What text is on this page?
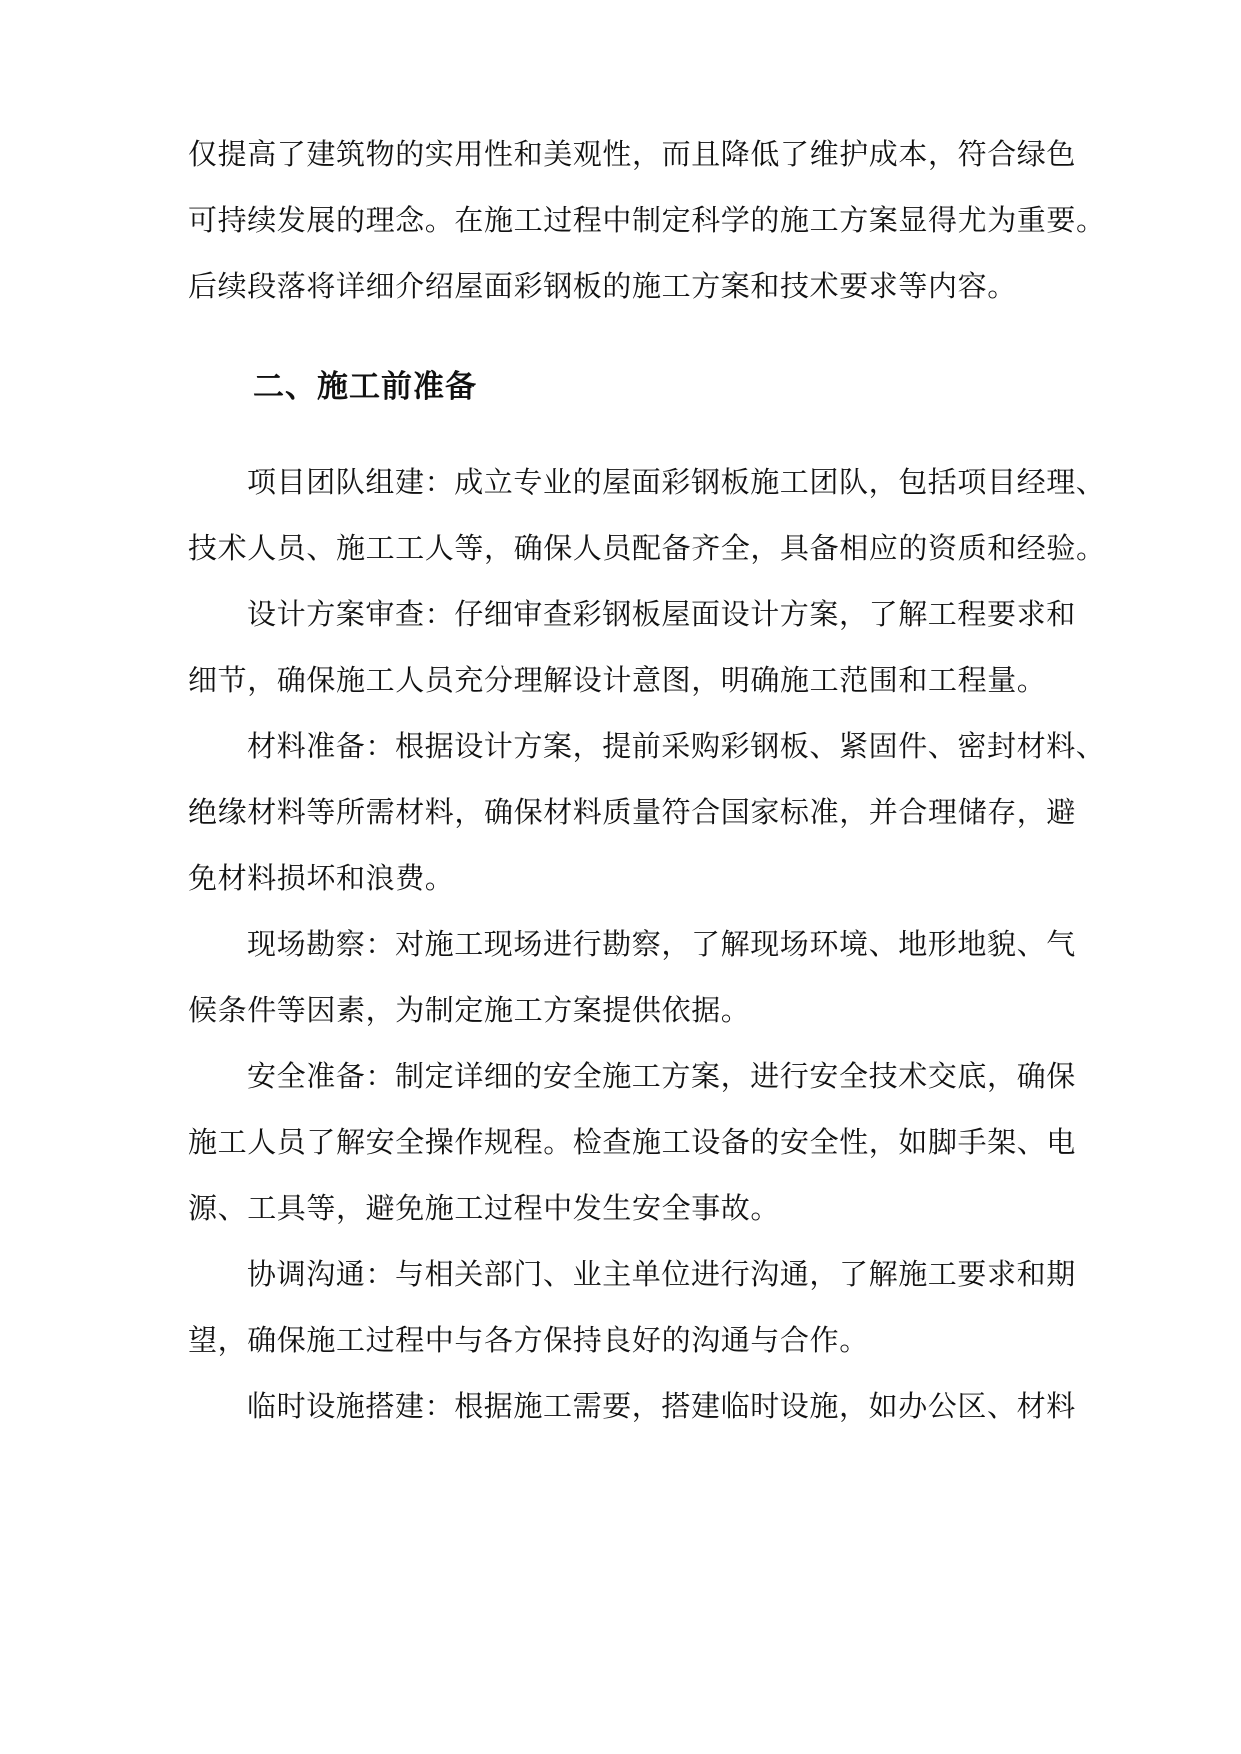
仅提高了建筑物的实用性和美观性，而且降低了维护成本，符合绿色
可持续发展的理念。在施工过程中制定科学的施工方案显得尤为重要。
后续段落将详细介绍屋面彩钢板的施工方案和技术要求等内容。
二、施工前准备
项目团队组建：成立专业的屋面彩钢板施工团队，包括项目经理、
技术人员、施工工人等，确保人员配备齐全，具备相应的资质和经验。
设计方案审查：仔细审查彩钢板屋面设计方案，了解工程要求和
细节，确保施工人员充分理解设计意图，明确施工范围和工程量。
材料准备：根据设计方案，提前采购彩钢板、紧固件、密封材料、
绝缘材料等所需材料，确保材料质量符合国家标准，并合理储存，避
免材料损坏和浪费。
现场勘察：对施工现场进行勘察，了解现场环境、地形地貌、气
候条件等因素，为制定施工方案提供依据。
安全准备：制定详细的安全施工方案，进行安全技术交底，确保
施工人员了解安全操作规程。检查施工设备的安全性，如脚手架、电
源、工具等，避免施工过程中发生安全事故。
协调沟通：与相关部门、业主单位进行沟通，了解施工要求和期
望，确保施工过程中与各方保持良好的沟通与合作。
临时设施搭建：根据施工需要，搭建临时设施，如办公区、材料
